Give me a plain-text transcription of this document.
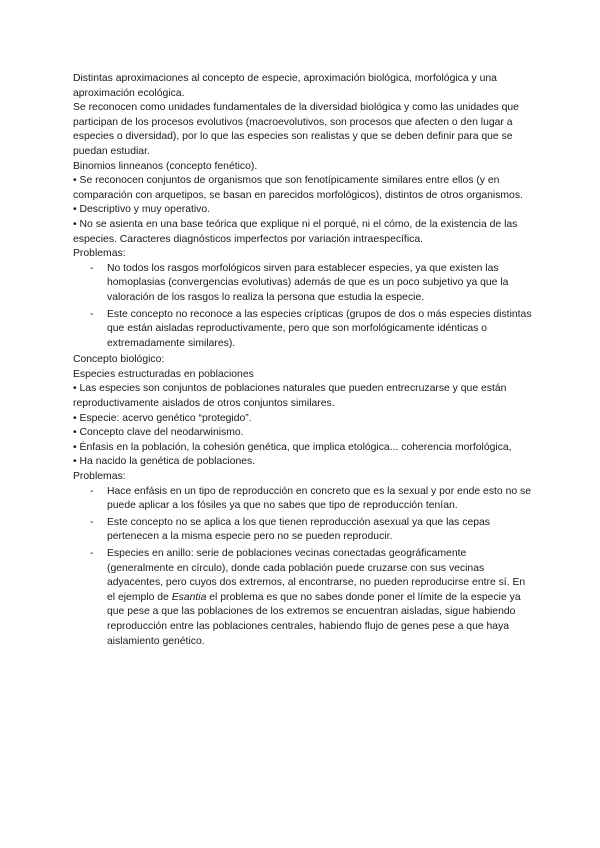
Distintas aproximaciones al concepto de especie, aproximación biológica, morfológica y una aproximación ecológica.

Se reconocen como unidades fundamentales de la diversidad biológica y como las unidades que participan de los procesos evolutivos (macroevolutivos, son procesos que afecten o den lugar a especies o diversidad), por lo que las especies son realistas y que se deben definir para que se puedan estudiar.

Binomios linneanos (concepto fenético).

• Se reconocen conjuntos de organismos que son fenotípicamente similares entre ellos (y en comparación con arquetipos, se basan en parecidos morfológicos), distintos de otros organismos.

• Descriptivo y muy operativo.

• No se asienta en una base teórica que explique ni el porqué, ni el cómo, de la existencia de las especies. Caracteres diagnósticos imperfectos por variación intraespecífica.

Problemas:

- No todos los rasgos morfológicos sirven para establecer especies, ya que existen las homoplasias (convergencias evolutivas) además de que es un poco subjetivo ya que la valoración de los rasgos lo realiza la persona que estudia la especie.
- Este concepto no reconoce a las especies crípticas (grupos de dos o más especies distintas que están aisladas reproductivamente, pero que son morfológicamente idénticas o extremadamente similares).

Concepto biológico:

Especies estructuradas en poblaciones

• Las especies son conjuntos de poblaciones naturales que pueden entrecruzarse y que están reproductivamente aislados de otros conjuntos similares.

• Especie: acervo genético “protegido”.

• Concepto clave del neodarwinismo.

• Énfasis en la población, la cohesión genética, que implica etológica... coherencia morfológica,

• Ha nacido la genética de poblaciones.

Problemas:

- Hace enfásis en un tipo de reproducción en concreto que es la sexual y por ende esto no se puede aplicar a los fósiles ya que no sabes que tipo de reproducción tenían.
- Este concepto no se aplica a los que tienen reproducción asexual ya que las cepas pertenecen a la misma especie pero no se pueden reproducir.
- Especies en anillo: serie de poblaciones vecinas conectadas geográficamente (generalmente en círculo), donde cada población puede cruzarse con sus vecinas adyacentes, pero cuyos dos extremos, al encontrarse, no pueden reproducirse entre sí. En el ejemplo de Esantia el problema es que no sabes donde poner el límite de la especie ya que pese a que las poblaciones de los extremos se encuentran aisladas, sigue habiendo reproducción entre las poblaciones centrales, habiendo flujo de genes pese a que haya aislamiento genético.
